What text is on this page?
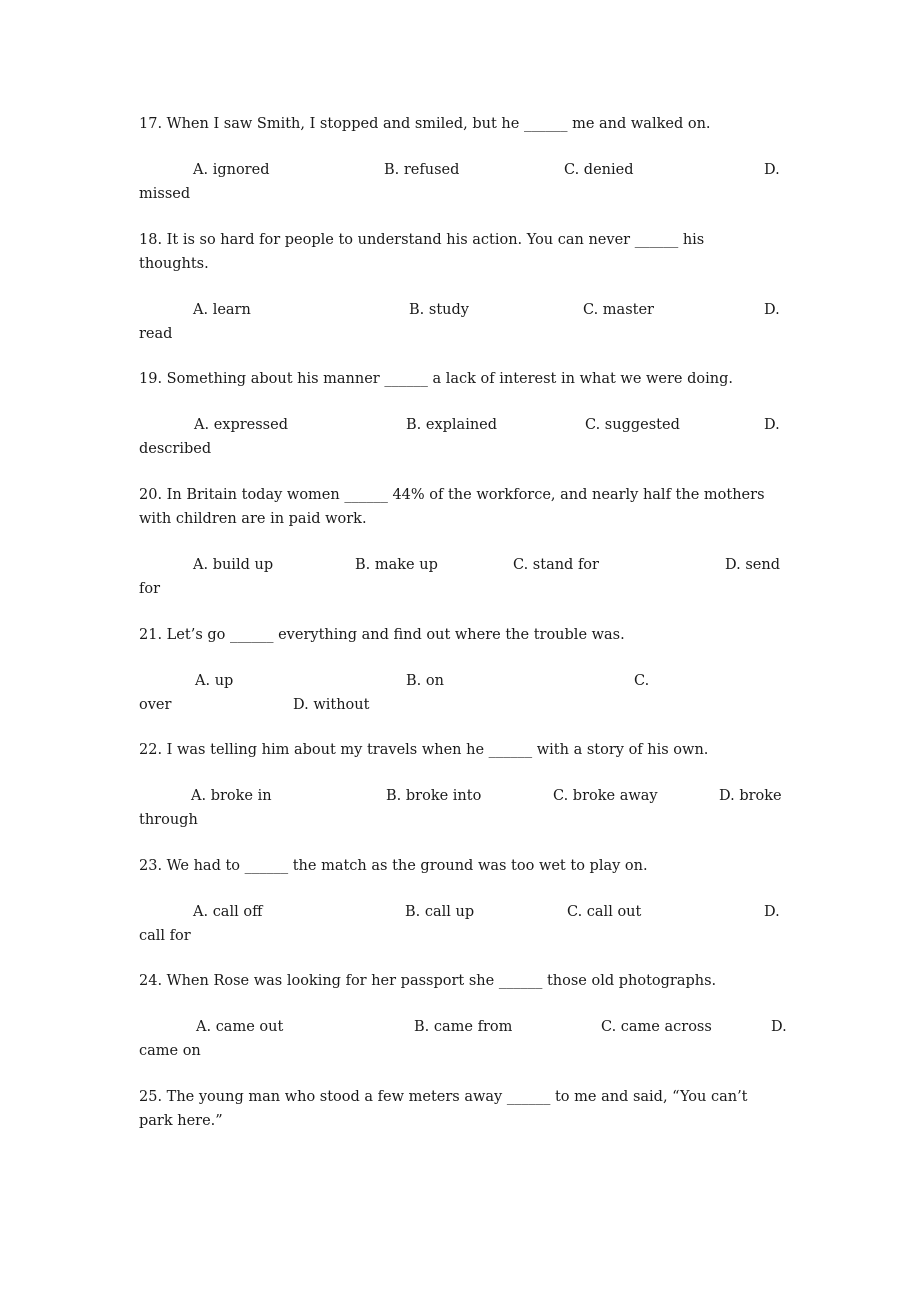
17. When I saw Smith, I stopped and smiled, but he ______ me and walked on.
A. ignored	B. refused	C. denied	D.
missed
18. It is so hard for people to understand his action. You can never ______ his
thoughts.
A. learn	B. study	C. master	D.
read
19. Something about his manner ______ a lack of interest in what we were doing.
A. expressed	B. explained	C. suggested	D.
described
20. In Britain today women ______ 44% of the workforce, and nearly half the mothers
with children are in paid work.
A. build up	B. make up	C. stand for	D. send
for
21. Let’s go ______ everything and find out where the trouble was.
A. up	B. on	C.
over	D. without
22. I was telling him about my travels when he ______ with a story of his own.
A. broke in	B. broke into	C. broke away	D. broke
through
23. We had to ______ the match as the ground was too wet to play on.
A. call off	B. call up	C. call out	D.
call for
24. When Rose was looking for her passport she ______ those old photographs.
A. came out	B. came from	C. came across	D.
came on
25. The young man who stood a few meters away ______ to me and said, “You can’t
park here.”
